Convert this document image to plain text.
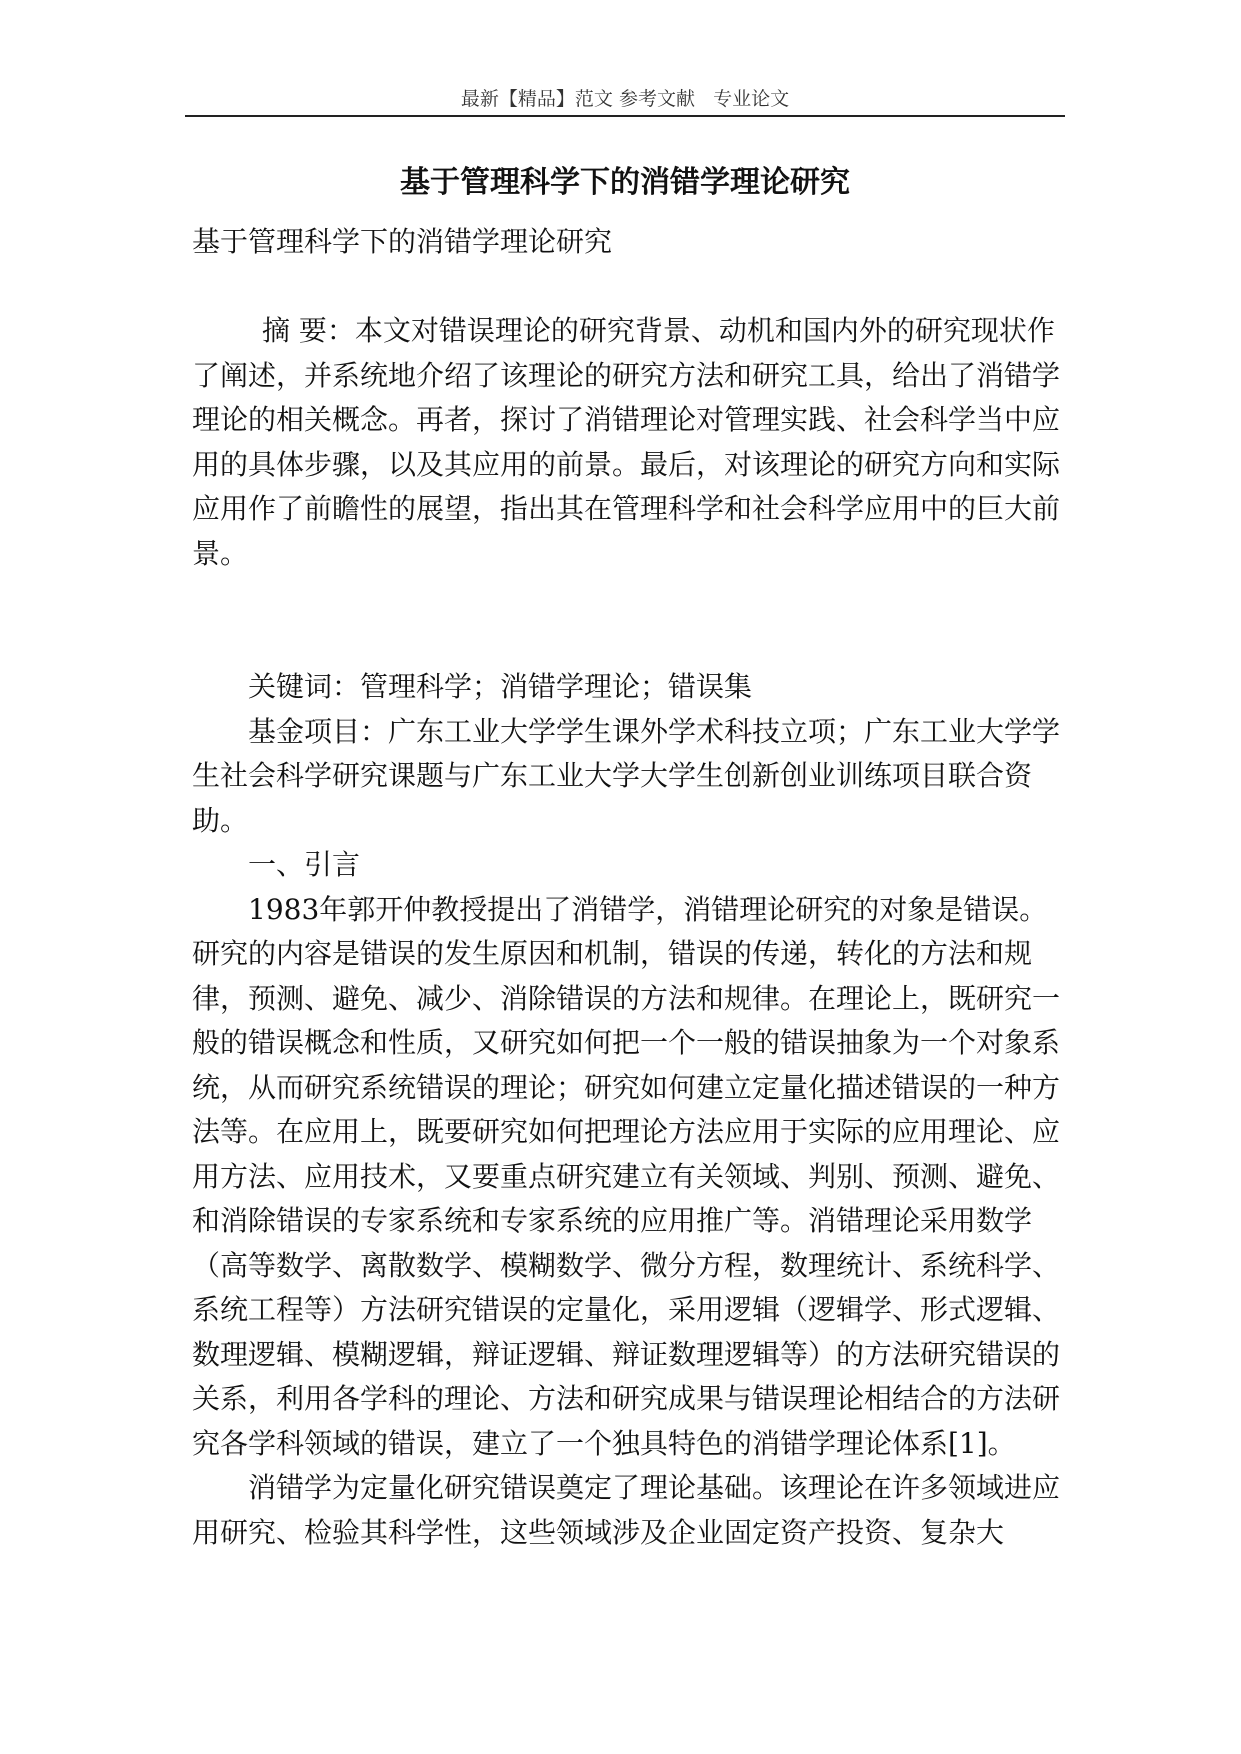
最新【精品】范文 参考文献   专业论文
基于管理科学下的消错学理论研究

基于管理科学下的消错学理论研究

摘 要：本文对错误理论的研究背景、动机和国内外的研究现状作了阐述，并系统地介绍了该理论的研究方法和研究工具，给出了消错学理论的相关概念。再者，探讨了消错理论对管理实践、社会科学当中应用的具体步骤，以及其应用的前景。最后，对该理论的研究方向和实际应用作了前瞻性的展望，指出其在管理科学和社会科学应用中的巨大前景。

关键词：管理科学；消错学理论；错误集

基金项目：广东工业大学学生课外学术科技立项；广东工业大学学生社会科学研究课题与广东工业大学大学生创新创业训练项目联合资助。

一、引言

1983年郭开仲教授提出了消错学，消错理论研究的对象是错误。研究的内容是错误的发生原因和机制，错误的传递，转化的方法和规律，预测、避免、减少、消除错误的方法和规律。在理论上，既研究一般的错误概念和性质，又研究如何把一个一般的错误抽象为一个对象系统，从而研究系统错误的理论；研究如何建立定量化描述错误的一种方法等。在应用上，既要研究如何把理论方法应用于实际的应用理论、应用方法、应用技术，又要重点研究建立有关领域、判别、预测、避免、和消除错误的专家系统和专家系统的应用推广等。消错理论采用数学（高等数学、离散数学、模糊数学、微分方程，数理统计、系统科学、系统工程等）方法研究错误的定量化，采用逻辑（逻辑学、形式逻辑、数理逻辑、模糊逻辑，辩证逻辑、辩证数理逻辑等）的方法研究错误的关系，利用各学科的理论、方法和研究成果与错误理论相结合的方法研究各学科领域的错误，建立了一个独具特色的消错学理论体系[1]。

消错学为定量化研究错误奠定了理论基础。该理论在许多领域进应用研究、检验其科学性，这些领域涉及企业固定资产投资、复杂大
